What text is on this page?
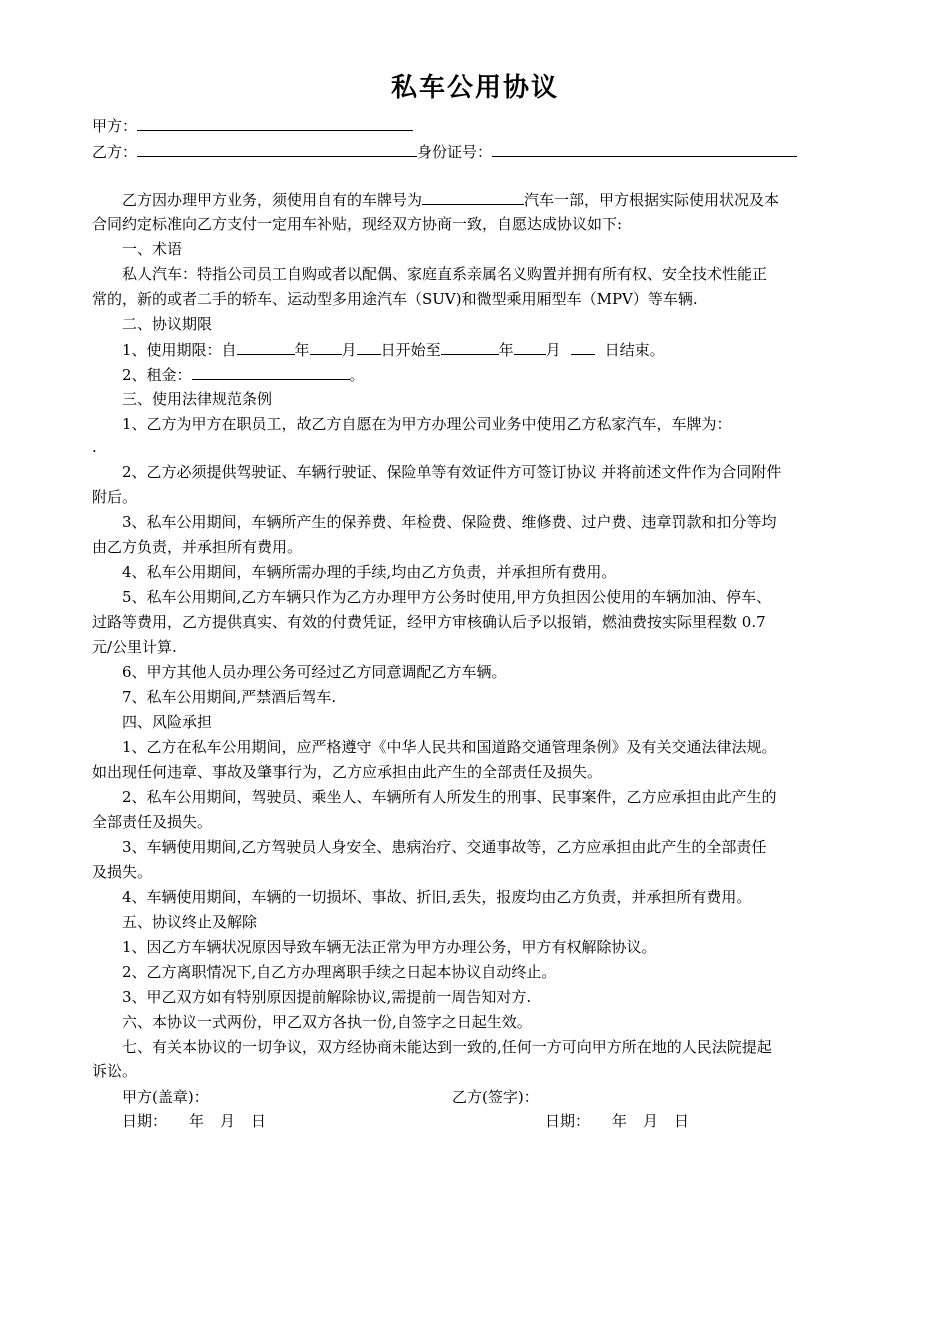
私车公用协议
甲方：
乙方：	身份证号：
乙方因办理甲方业务，须使用自有的车牌号为	汽车一部，甲方根据实际使用状况及本
合同约定标准向乙方支付一定用车补贴，现经双方协商一致，自愿达成协议如下:
一、术语
私人汽车：特指公司员工自购或者以配偶、家庭直系亲属名义购置并拥有所有权、安全技术性能正
常的，新的或者二手的轿车、运动型多用途汽车（SUV)和微型乘用厢型车（MPV）等车辆.
二、协议期限
1、使用期限：自	年 月 日开始至	年 月	日结束。
2、租金：	。
三、使用法律规范条例
1、乙方为甲方在职员工，故乙方自愿在为甲方办理公司业务中使用乙方私家汽车，车牌为：
.
2、乙方必须提供驾驶证、车辆行驶证、保险单等有效证件方可签订协议 并将前述文件作为合同附件
附后。
3、私车公用期间，车辆所产生的保养费、年检费、保险费、维修费、过户费、违章罚款和扣分等均
由乙方负责，并承担所有费用。
4、私车公用期间，车辆所需办理的手续,均由乙方负责，并承担所有费用。
5、私车公用期间,乙方车辆只作为乙方办理甲方公务时使用,甲方负担因公使用的车辆加油、停车、
过路等费用，乙方提供真实、有效的付费凭证，经甲方审核确认后予以报销，燃油费按实际里程数 0.7
元/公里计算.
6、甲方其他人员办理公务可经过乙方同意调配乙方车辆。
7、私车公用期间,严禁酒后驾车.
四、风险承担
1、乙方在私车公用期间，应严格遵守《中华人民共和国道路交通管理条例》及有关交通法律法规。
如出现任何违章、事故及肇事行为，乙方应承担由此产生的全部责任及损失。
2、私车公用期间，驾驶员、乘坐人、车辆所有人所发生的刑事、民事案件，乙方应承担由此产生的
全部责任及损失。
3、车辆使用期间,乙方驾驶员人身安全、患病治疗、交通事故等，乙方应承担由此产生的全部责任
及损失。
4、车辆使用期间，车辆的一切损坏、事故、折旧,丢失，报废均由乙方负责，并承担所有费用。
五、协议终止及解除
1、因乙方车辆状况原因导致车辆无法正常为甲方办理公务，甲方有权解除协议。
2、乙方离职情况下,自乙方办理离职手续之日起本协议自动终止。
3、甲乙双方如有特别原因提前解除协议,需提前一周告知对方.
六、本协议一式两份，甲乙双方各执一份,自签字之日起生效。
七、有关本协议的一切争议，双方经协商未能达到一致的,任何一方可向甲方所在地的人民法院提起
诉讼。
甲方(盖章)：	乙方(签字)：
日期： 年 月 日	日期： 年 月 日
